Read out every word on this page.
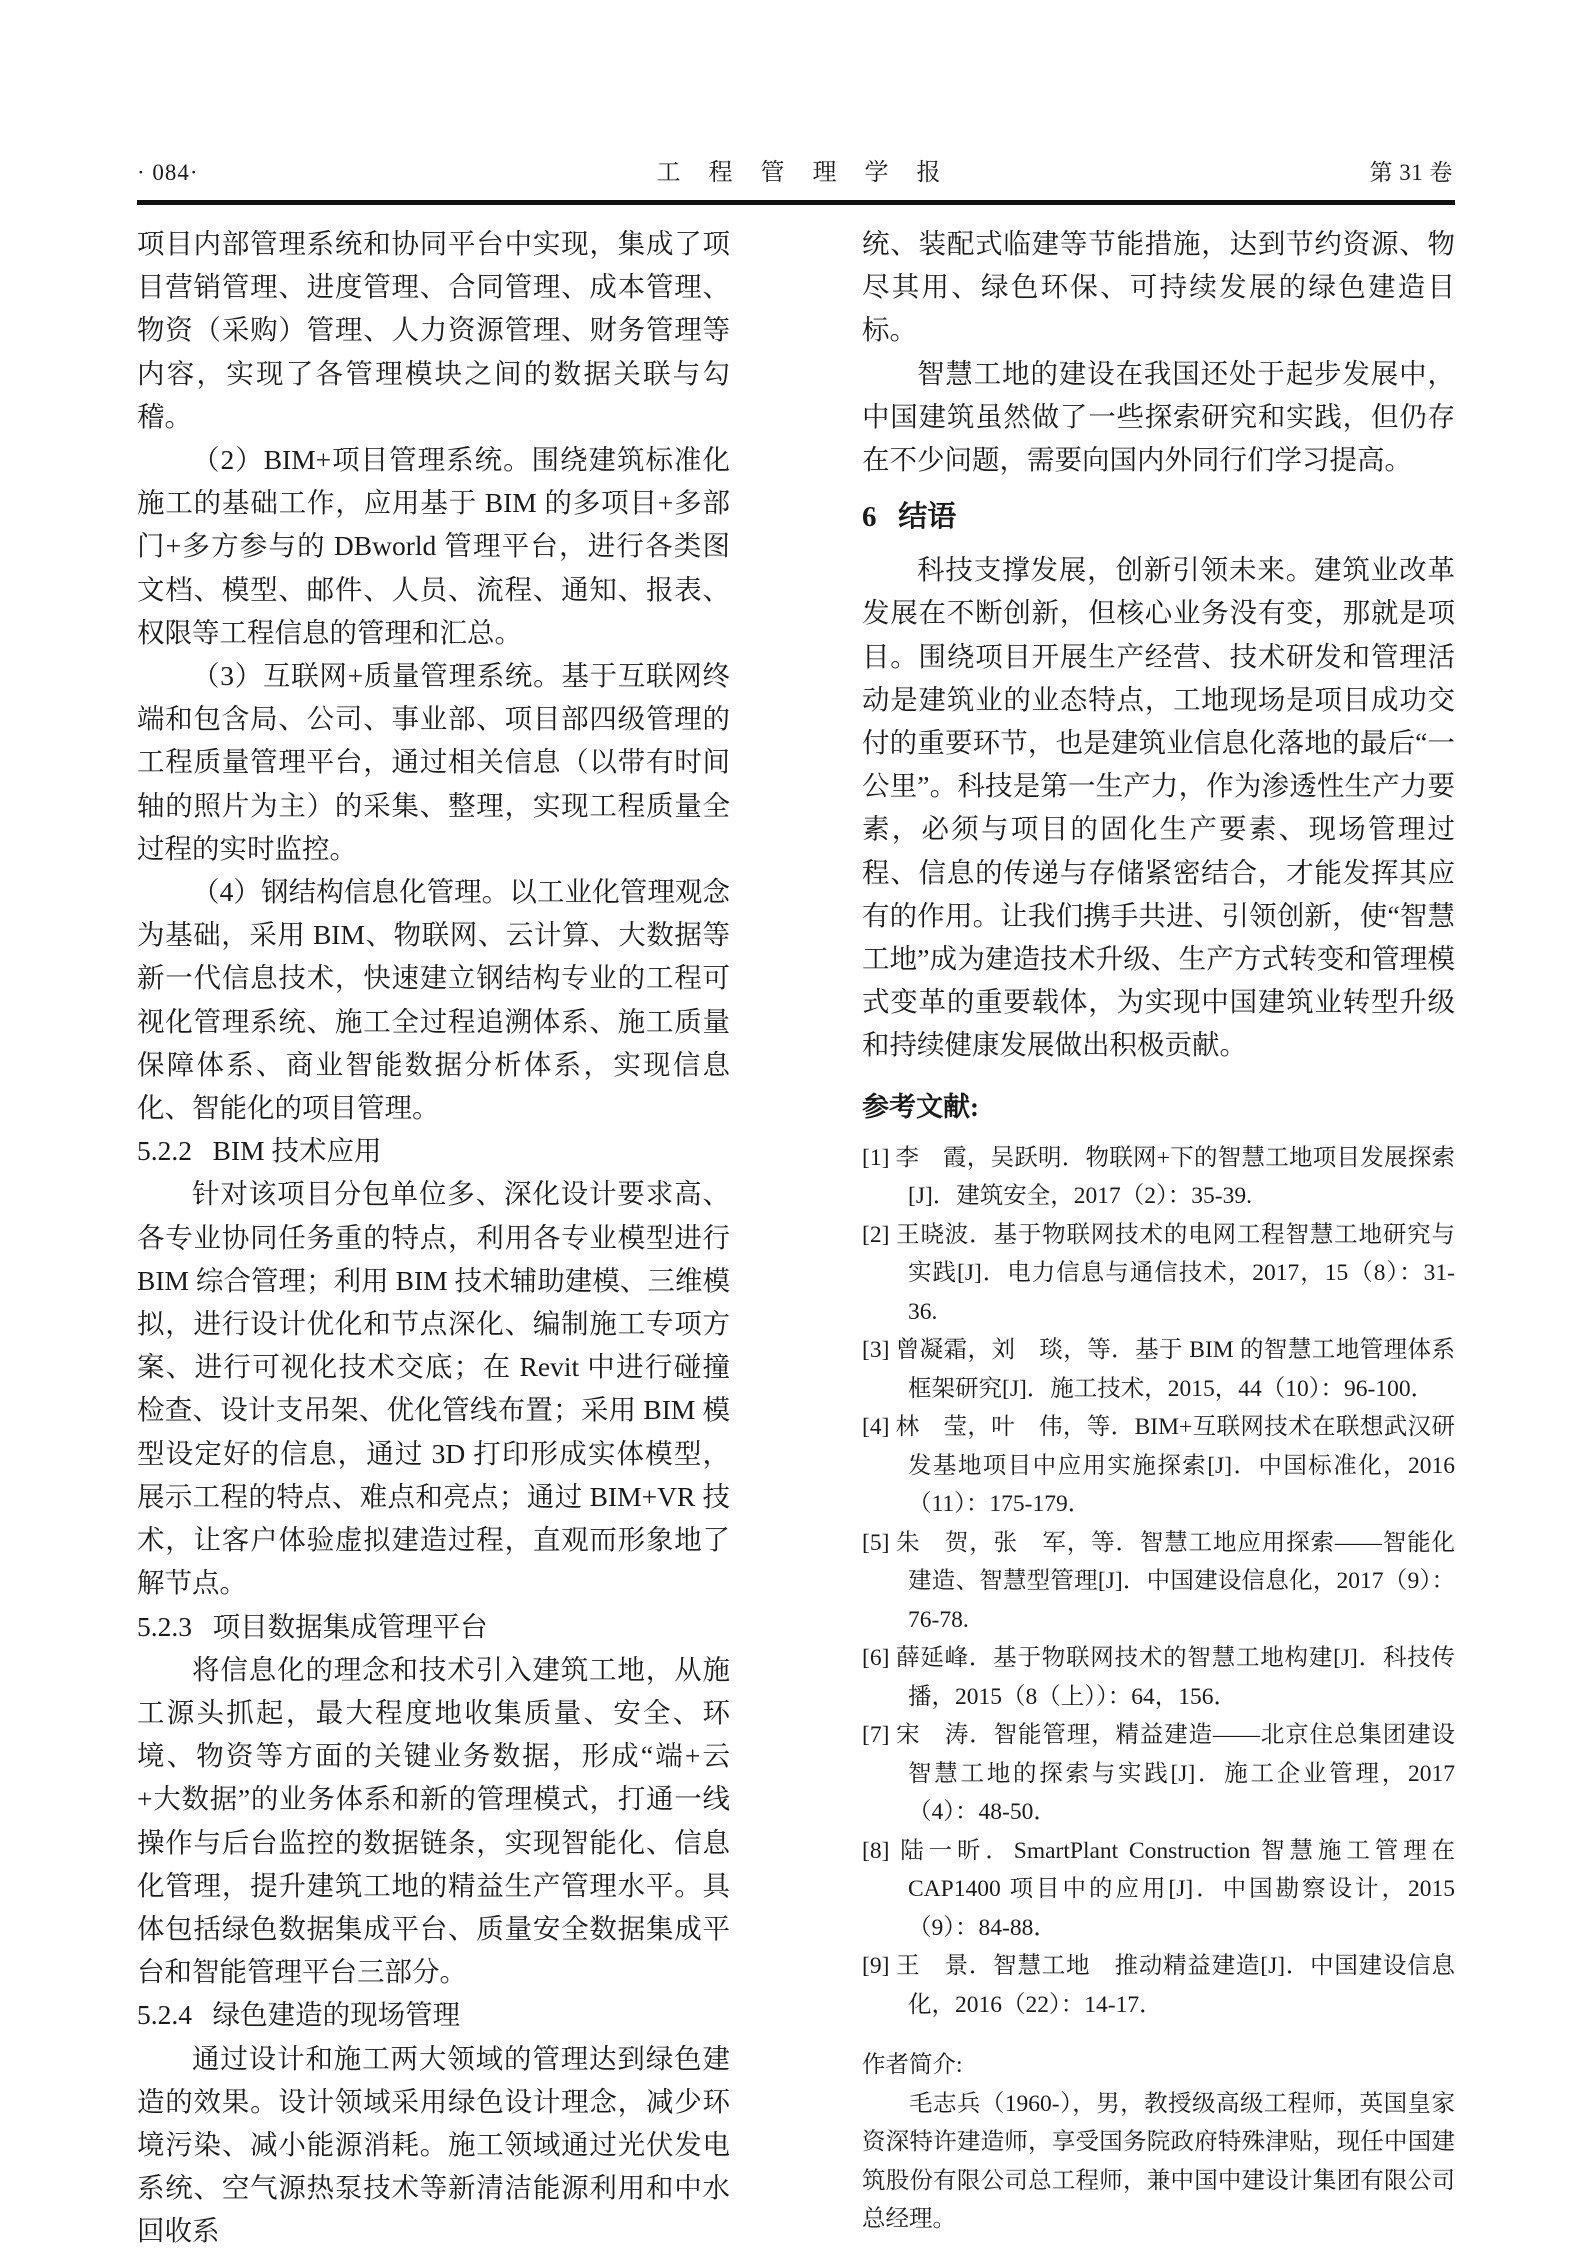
· 084·	工 程 管 理 学 报	第 31 卷

项目内部管理系统和协同平台中实现，集成了项目营销管理、进度管理、合同管理、成本管理、物资（采购）管理、人力资源管理、财务管理等内容，实现了各管理模块之间的数据关联与勾稽。

（2）BIM+项目管理系统。围绕建筑标准化施工的基础工作，应用基于 BIM 的多项目+多部门+多方参与的 DBworld 管理平台，进行各类图文档、模型、邮件、人员、流程、通知、报表、权限等工程信息的管理和汇总。

（3）互联网+质量管理系统。基于互联网终端和包含局、公司、事业部、项目部四级管理的工程质量管理平台，通过相关信息（以带有时间轴的照片为主）的采集、整理，实现工程质量全过程的实时监控。

（4）钢结构信息化管理。以工业化管理观念为基础，采用 BIM、物联网、云计算、大数据等新一代信息技术，快速建立钢结构专业的工程可视化管理系统、施工全过程追溯体系、施工质量保障体系、商业智能数据分析体系，实现信息化、智能化的项目管理。

5.2.2   BIM 技术应用

针对该项目分包单位多、深化设计要求高、各专业协同任务重的特点，利用各专业模型进行 BIM 综合管理；利用 BIM 技术辅助建模、三维模拟，进行设计优化和节点深化、编制施工专项方案、进行可视化技术交底；在 Revit 中进行碰撞检查、设计支吊架、优化管线布置；采用 BIM 模型设定好的信息，通过 3D 打印形成实体模型，展示工程的特点、难点和亮点；通过 BIM+VR 技术，让客户体验虚拟建造过程，直观而形象地了解节点。

5.2.3   项目数据集成管理平台

将信息化的理念和技术引入建筑工地，从施工源头抓起，最大程度地收集质量、安全、环境、物资等方面的关键业务数据，形成“端+云+大数据”的业务体系和新的管理模式，打通一线操作与后台监控的数据链条，实现智能化、信息化管理，提升建筑工地的精益生产管理水平。具体包括绿色数据集成平台、质量安全数据集成平台和智能管理平台三部分。

5.2.4   绿色建造的现场管理

通过设计和施工两大领域的管理达到绿色建造的效果。设计领域采用绿色设计理念，减少环境污染、减小能源消耗。施工领域通过光伏发电系统、空气源热泵技术等新清洁能源利用和中水回收系

统、装配式临建等节能措施，达到节约资源、物尽其用、绿色环保、可持续发展的绿色建造目标。

智慧工地的建设在我国还处于起步发展中，中国建筑虽然做了一些探索研究和实践，但仍存在不少问题，需要向国内外同行们学习提高。

6   结语

科技支撑发展，创新引领未来。建筑业改革发展在不断创新，但核心业务没有变，那就是项目。围绕项目开展生产经营、技术研发和管理活动是建筑业的业态特点，工地现场是项目成功交付的重要环节，也是建筑业信息化落地的最后“一公里”。科技是第一生产力，作为渗透性生产力要素，必须与项目的固化生产要素、现场管理过程、信息的传递与存储紧密结合，才能发挥其应有的作用。让我们携手共进、引领创新，使“智慧工地”成为建造技术升级、生产方式转变和管理模式变革的重要载体，为实现中国建筑业转型升级和持续健康发展做出积极贡献。

参考文献:
[1] 李　霞，吴跃明．物联网+下的智慧工地项目发展探索[J]．建筑安全，2017（2）：35-39.
[2] 王晓波．基于物联网技术的电网工程智慧工地研究与实践[J]．电力信息与通信技术，2017，15（8）：31-36.
[3] 曾凝霜，刘　琰，等．基于 BIM 的智慧工地管理体系框架研究[J]．施工技术，2015，44（10）：96-100．
[4] 林　莹，叶　伟，等．BIM+互联网技术在联想武汉研发基地项目中应用实施探索[J]．中国标准化，2016（11）：175-179．
[5] 朱　贺，张　军，等．智慧工地应用探索——智能化建造、智慧型管理[J]．中国建设信息化，2017（9）：76-78.
[6] 薛延峰．基于物联网技术的智慧工地构建[J]．科技传播，2015（8（上））：64，156．
[7] 宋　涛．智能管理，精益建造——北京住总集团建设智慧工地的探索与实践[J]．施工企业管理，2017（4）：48-50．
[8] 陆一昕．SmartPlant Construction 智慧施工管理在 CAP1400 项目中的应用[J]．中国勘察设计，2015（9）：84-88．
[9] 王　景．智慧工地　推动精益建造[J]．中国建设信息化，2016（22）：14-17．

作者简介:

毛志兵（1960-），男，教授级高级工程师，英国皇家资深特许建造师，享受国务院政府特殊津贴，现任中国建筑股份有限公司总工程师，兼中国中建设计集团有限公司总经理。
